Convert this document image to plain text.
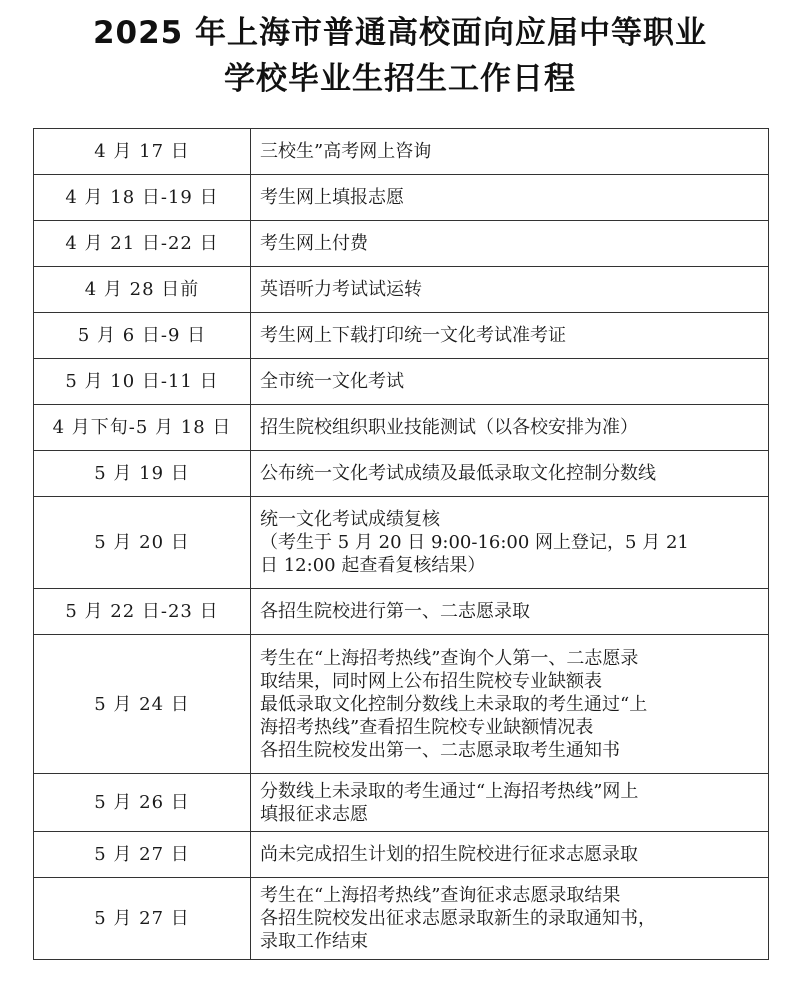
2025 年上海市普通高校面向应届中等职业
学校毕业生招生工作日程
4 月 17 日	三校生”高考网上咨询

4 月 18 日-19 日	考生网上填报志愿

4 月 21 日-22 日	考生网上付费

4 月 28 日前	英语听力考试试运转

5 月 6 日-9 日	考生网上下载打印统一文化考试准考证

5 月 10 日-11 日	全市统一文化考试

4 月下旬-5 月 18 日	招生院校组织职业技能测试（以各校安排为准）

5 月 19 日	公布统一文化考试成绩及最低录取文化控制分数线

5 月 20 日	统一文化考试成绩复核
（考生于 5 月 20 日 9:00-16:00 网上登记，5 月 21
日 12:00 起查看复核结果）

5 月 22 日-23 日	各招生院校进行第一、二志愿录取

5 月 24 日	考生在“上海招考热线”查询个人第一、二志愿录
取结果，同时网上公布招生院校专业缺额表
最低录取文化控制分数线上未录取的考生通过“上
海招考热线”查看招生院校专业缺额情况表
各招生院校发出第一、二志愿录取考生通知书

5 月 26 日	分数线上未录取的考生通过“上海招考热线”网上
填报征求志愿

5 月 27 日	尚未完成招生计划的招生院校进行征求志愿录取

5 月 27 日	考生在“上海招考热线”查询征求志愿录取结果
各招生院校发出征求志愿录取新生的录取通知书，
录取工作结束
